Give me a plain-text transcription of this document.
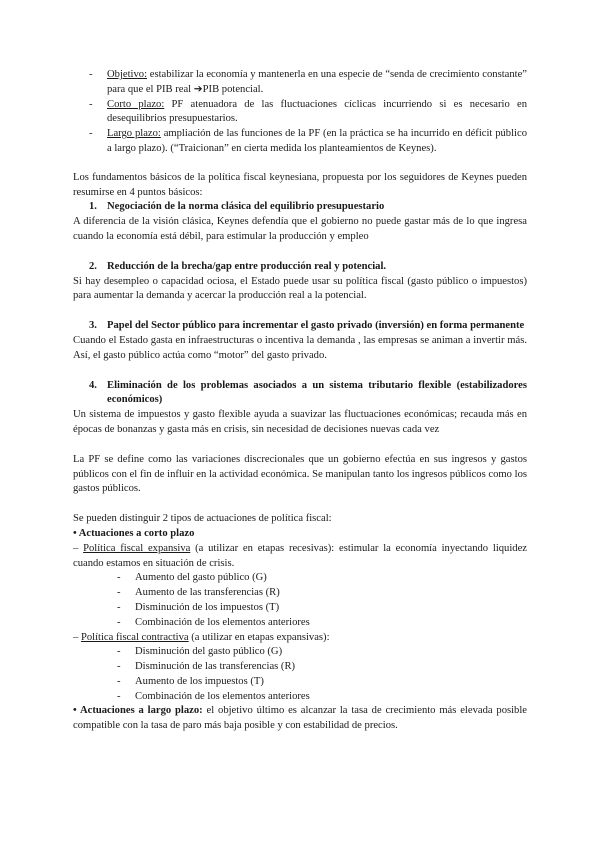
- Objetivo: estabilizar la economía y mantenerla en una especie de “senda de crecimiento constante” para que el PIB real ➔PIB potencial.

- Corto plazo: PF atenuadora de las fluctuaciones cíclicas incurriendo si es necesario en desequilibrios presupuestarios.

- Largo plazo: ampliación de las funciones de la PF (en la práctica se ha incurrido en déficit público a largo plazo). (“Traicionan” en cierta medida los planteamientos de Keynes).

Los fundamentos básicos de la política fiscal keynesiana, propuesta por los seguidores de Keynes pueden resumirse en 4 puntos básicos:

1. Negociación de la norma clásica del equilibrio presupuestario

A diferencia de la visión clásica, Keynes defendía que el gobierno no puede gastar más de lo que ingresa cuando la economía está débil, para estimular la producción y empleo

2. Reducción de la brecha/gap entre producción real y potencial.

Si hay desempleo o capacidad ociosa, el Estado puede usar su política fiscal (gasto público o impuestos) para aumentar la demanda y acercar la producción real a la potencial.

3. Papel del Sector público para incrementar el gasto privado (inversión) en forma permanente

Cuando el Estado gasta en infraestructuras o incentiva la demanda , las empresas se animan a invertir más. Así, el gasto público actúa como “motor” del gasto privado.

4. Eliminación de los problemas asociados a un sistema tributario flexible (estabilizadores económicos)

Un sistema de impuestos y gasto flexible ayuda a suavizar las fluctuaciones económicas; recauda más en épocas de bonanzas y gasta más en crisis, sin necesidad de decisiones nuevas cada vez

La PF se define como las variaciones discrecionales que un gobierno efectúa en sus ingresos y gastos públicos con el fin de influir en la actividad económica. Se manipulan tanto los ingresos públicos como los gastos públicos.

Se pueden distinguir 2 tipos de actuaciones de política fiscal:

• Actuaciones a corto plazo

– Política fiscal expansiva (a utilizar en etapas recesivas): estimular la economía inyectando liquidez cuando estamos en situación de crisis.

- Aumento del gasto público (G)

- Aumento de las transferencias (R)

- Disminución de los impuestos (T)

- Combinación de los elementos anteriores

– Política fiscal contractiva (a utilizar en etapas expansivas):

- Disminución del gasto público (G)

- Disminución de las transferencias (R)

- Aumento de los impuestos (T)

- Combinación de los elementos anteriores

• Actuaciones a largo plazo: el objetivo último es alcanzar la tasa de crecimiento más elevada posible compatible con la tasa de paro más baja posible y con estabilidad de precios.
